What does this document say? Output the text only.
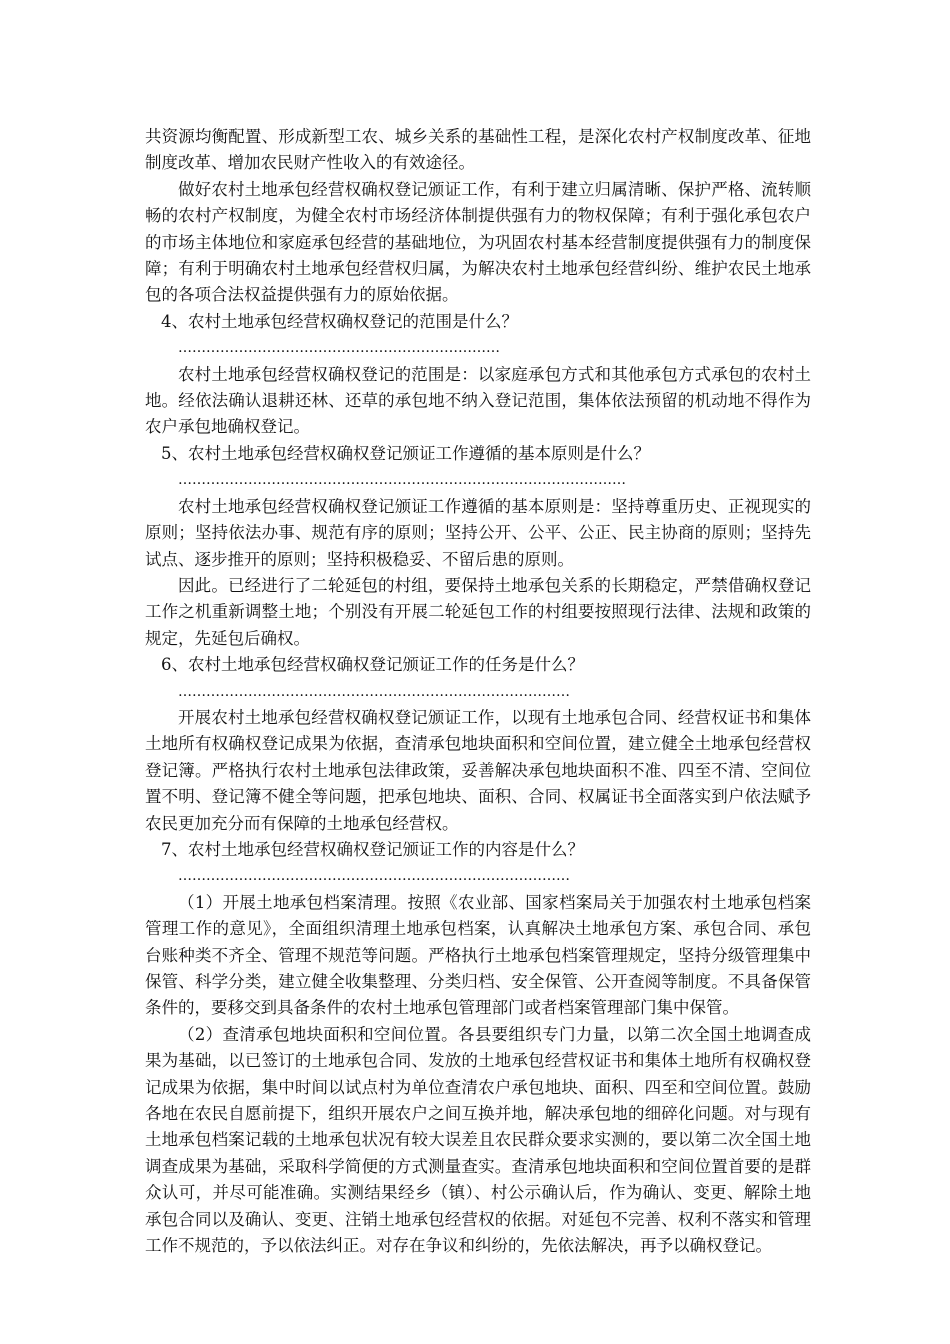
共资源均衡配置、形成新型工农、城乡关系的基础性工程，是深化农村产权制度改革、征地制度改革、增加农民财产性收入的有效途径。

做好农村土地承包经营权确权登记颁证工作，有利于建立归属清晰、保护严格、流转顺畅的农村产权制度，为健全农村市场经济体制提供强有力的物权保障；有利于强化承包农户的市场主体地位和家庭承包经营的基础地位，为巩固农村基本经营制度提供强有力的制度保障；有利于明确农村土地承包经营权归属，为解决农村土地承包经营纠纷、维护农民土地承包的各项合法权益提供强有力的原始依据。

4、农村土地承包经营权确权登记的范围是什么？

……………………………………………………………

农村土地承包经营权确权登记的范围是：以家庭承包方式和其他承包方式承包的农村土地。经依法确认退耕还林、还草的承包地不纳入登记范围，集体依法预留的机动地不得作为农户承包地确权登记。

5、农村土地承包经营权确权登记颁证工作遵循的基本原则是什么？

……………………………………………………………………………………

农村土地承包经营权确权登记颁证工作遵循的基本原则是：坚持尊重历史、正视现实的原则；坚持依法办事、规范有序的原则；坚持公开、公平、公正、民主协商的原则；坚持先试点、逐步推开的原则；坚持积极稳妥、不留后患的原则。

因此。已经进行了二轮延包的村组，要保持土地承包关系的长期稳定，严禁借确权登记工作之机重新调整土地；个别没有开展二轮延包工作的村组要按照现行法律、法规和政策的规定，先延包后确权。

6、农村土地承包经营权确权登记颁证工作的任务是什么？

…………………………………………………………………………

开展农村土地承包经营权确权登记颁证工作，以现有土地承包合同、经营权证书和集体土地所有权确权登记成果为依据，查清承包地块面积和空间位置，建立健全土地承包经营权登记簿。严格执行农村土地承包法律政策，妥善解决承包地块面积不准、四至不清、空间位置不明、登记簿不健全等问题，把承包地块、面积、合同、权属证书全面落实到户依法赋予农民更加充分而有保障的土地承包经营权。

7、农村土地承包经营权确权登记颁证工作的内容是什么？

…………………………………………………………………………

（1）开展土地承包档案清理。按照《农业部、国家档案局关于加强农村土地承包档案管理工作的意见》，全面组织清理土地承包档案，认真解决土地承包方案、承包合同、承包台账种类不齐全、管理不规范等问题。严格执行土地承包档案管理规定，坚持分级管理集中保管、科学分类，建立健全收集整理、分类归档、安全保管、公开查阅等制度。不具备保管条件的，要移交到具备条件的农村土地承包管理部门或者档案管理部门集中保管。

（2）查清承包地块面积和空间位置。各县要组织专门力量，以第二次全国土地调查成果为基础，以已签订的土地承包合同、发放的土地承包经营权证书和集体土地所有权确权登记成果为依据，集中时间以试点村为单位查清农户承包地块、面积、四至和空间位置。鼓励各地在农民自愿前提下，组织开展农户之间互换并地，解决承包地的细碎化问题。对与现有土地承包档案记载的土地承包状况有较大误差且农民群众要求实测的，要以第二次全国土地调查成果为基础，采取科学简便的方式测量查实。查清承包地块面积和空间位置首要的是群众认可，并尽可能准确。实测结果经乡（镇）、村公示确认后，作为确认、变更、解除土地承包合同以及确认、变更、注销土地承包经营权的依据。对延包不完善、权利不落实和管理工作不规范的，予以依法纠正。对存在争议和纠纷的，先依法解决，再予以确权登记。
